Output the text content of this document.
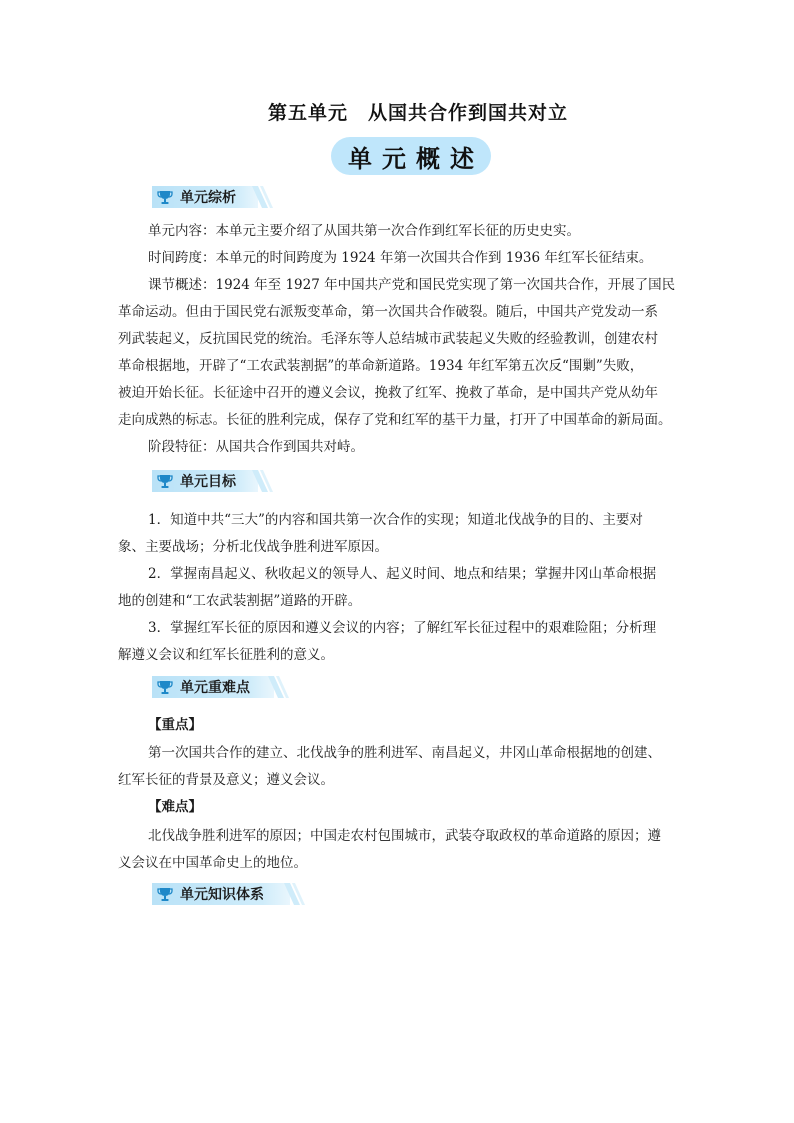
第五单元　从国共合作到国共对立
单元概述
单元综析
单元内容：本单元主要介绍了从国共第一次合作到红军长征的历史史实。
时间跨度：本单元的时间跨度为 1924 年第一次国共合作到 1936 年红军长征结束。
课节概述：1924 年至 1927 年中国共产党和国民党实现了第一次国共合作，开展了国民
革命运动。但由于国民党右派叛变革命，第一次国共合作破裂。随后，中国共产党发动一系
列武装起义，反抗国民党的统治。毛泽东等人总结城市武装起义失败的经验教训，创建农村
革命根据地，开辟了“工农武装割据”的革命新道路。1934 年红军第五次反“围剿”失败，
被迫开始长征。长征途中召开的遵义会议，挽救了红军、挽救了革命，是中国共产党从幼年
走向成熟的标志。长征的胜利完成，保存了党和红军的基干力量，打开了中国革命的新局面。
阶段特征：从国共合作到国共对峙。
单元目标
1．知道中共“三大”的内容和国共第一次合作的实现；知道北伐战争的目的、主要对
象、主要战场；分析北伐战争胜利进军原因。
2．掌握南昌起义、秋收起义的领导人、起义时间、地点和结果；掌握井冈山革命根据
地的创建和“工农武装割据”道路的开辟。
3．掌握红军长征的原因和遵义会议的内容；了解红军长征过程中的艰难险阻；分析理
解遵义会议和红军长征胜利的意义。
单元重难点
【重点】
第一次国共合作的建立、北伐战争的胜利进军、南昌起义，井冈山革命根据地的创建、
红军长征的背景及意义；遵义会议。
【难点】
北伐战争胜利进军的原因；中国走农村包围城市，武装夺取政权的革命道路的原因；遵
义会议在中国革命史上的地位。
单元知识体系
